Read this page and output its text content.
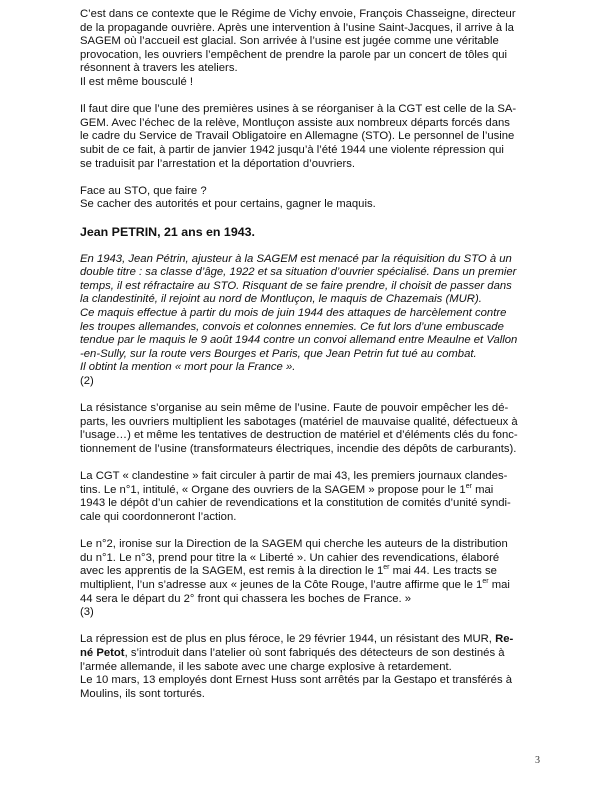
C’est dans ce contexte que le Régime de Vichy envoie, François Chasseigne, directeur
de la propagande ouvrière. Après une intervention à l’usine Saint-Jacques, il arrive à la
SAGEM où l’accueil est glacial. Son arrivée à l’usine est jugée comme une véritable
provocation, les ouvriers l’empêchent de prendre la parole par un concert de tôles qui
résonnent à travers les ateliers.
Il est même bousculé !
Il faut dire que l’une des premières usines à se réorganiser à la CGT est celle de la SA-
GEM. Avec l’échec de la relève, Montluçon assiste aux nombreux départs forcés dans
le cadre du Service de Travail Obligatoire en Allemagne (STO). Le personnel de l’usine
subit de ce fait, à partir de janvier 1942 jusqu’à l’été 1944 une violente répression qui
se traduisit par l’arrestation et la déportation d’ouvriers.
Face au STO, que faire ?
Se cacher des autorités et pour certains, gagner le maquis.
Jean PETRIN, 21 ans en 1943.
En 1943, Jean Pétrin, ajusteur à la SAGEM est menacé par la réquisition du STO à un
double titre : sa classe d’âge, 1922 et sa situation d’ouvrier spécialisé. Dans un premier
temps, il est réfractaire au STO. Risquant de se faire prendre, il choisit de passer dans
la clandestinité, il rejoint au nord de Montluçon, le maquis de Chazemais (MUR).
Ce maquis effectue à partir du mois de juin 1944 des attaques de harcèlement contre
les troupes allemandes, convois et colonnes ennemies. Ce fut lors d’une embuscade
tendue par le maquis le 9 août 1944 contre un convoi allemand entre Meaulne et Vallon
-en-Sully, sur la route vers Bourges et Paris, que Jean Petrin fut tué au combat.
Il obtint la mention « mort pour la France ».
(2)
La résistance s’organise au sein même de l’usine. Faute de pouvoir empêcher les dé-
parts, les ouvriers multiplient les sabotages (matériel de mauvaise qualité, défectueux à
l’usage…) et même les tentatives de destruction de matériel et d’éléments clés du fonc-
tionnement de l’usine (transformateurs électriques, incendie des dépôts de carburants).
La CGT « clandestine » fait circuler à partir de mai 43, les premiers journaux clandes-
tins. Le n°1, intitulé, « Organe des ouvriers de la SAGEM » propose pour le 1er mai
1943 le dépôt d’un cahier de revendications et la constitution de comités d’unité syndi-
cale qui coordonneront l’action.
Le n°2, ironise sur la Direction de la SAGEM qui cherche les auteurs de la distribution
du n°1. Le n°3, prend pour titre la « Liberté ». Un cahier des revendications, élaboré
avec les apprentis de la SAGEM, est remis à la direction le 1er mai 44. Les tracts se
multiplient, l’un s’adresse aux « jeunes de la Côte Rouge, l’autre affirme que le 1er mai
44 sera le départ du 2° front qui chassera les boches de France. »
(3)
La répression est de plus en plus féroce, le 29 février 1944, un résistant des MUR, Re-
né Petot, s’introduit dans l’atelier où sont fabriqués des détecteurs de son destinés à
l’armée allemande, il les sabote avec une charge explosive à retardement.
Le 10 mars, 13 employés dont Ernest Huss sont arrêtés par la Gestapo et transférés à
Moulins, ils sont torturés.
3
